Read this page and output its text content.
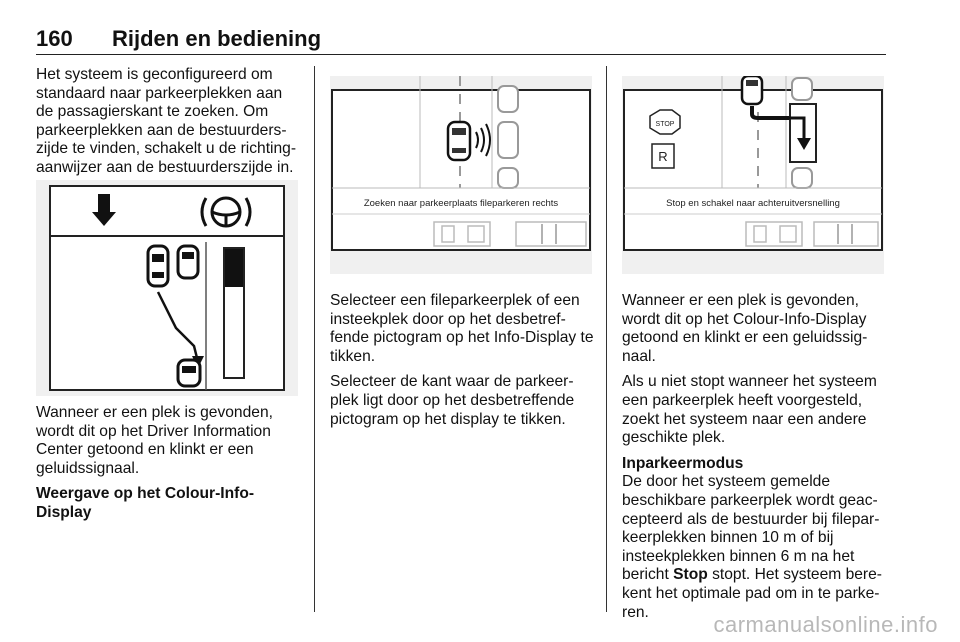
160 Rijden en bediening

Het systeem is geconfigureerd om standaard naar parkeerplekken aan de passagierskant te zoeken. Om parkeerplekken aan de bestuurders-zijde te vinden, schakelt u de richting-aanwijzer aan de bestuurderszijde in.

Wanneer er een plek is gevonden, wordt dit op het Driver Information Center getoond en klinkt er een geluidssignaal.

Weergave op het Colour-Info-Display

Zoeken naar parkeerplaats fileparkeren rechts

Selecteer een fileparkeerplek of een insteekplek door op het desbetref-fende pictogram op het Info-Display te tikken.

Selecteer de kant waar de parkeer-plek ligt door op het desbetreffende pictogram op het display te tikken.

STOP
R
Stop en schakel naar achteruitversnelling

Wanneer er een plek is gevonden, wordt dit op het Colour-Info-Display getoond en klinkt er een geluidssig-naal.

Als u niet stopt wanneer het systeem een parkeerplek heeft voorgesteld, zoekt het systeem naar een andere geschikte plek.

Inparkeermodus

De door het systeem gemelde beschikbare parkeerplek wordt geac-cepteerd als de bestuurder bij filepar-keerplekken binnen 10 m of bij insteekplekken binnen 6 m na het bericht Stop stopt. Het systeem bere-kent het optimale pad om in te parke-ren.	carmanualsonline.info
